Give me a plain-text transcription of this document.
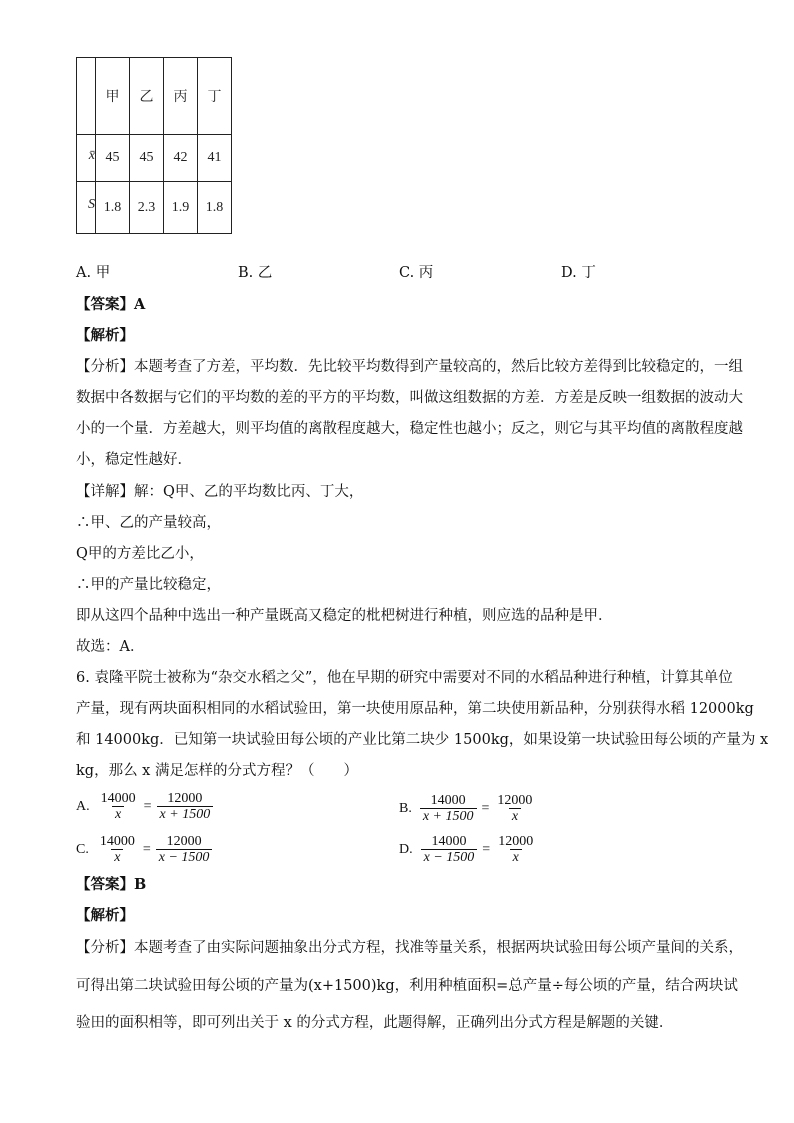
	甲	乙	丙	丁
x̄	45	45	42	41
S	1.8	2.3	1.9	1.8
A. 甲	B. 乙	C. 丙	D. 丁
【答案】A
【解析】
【分析】本题考查了方差，平均数．先比较平均数得到产量较高的，然后比较方差得到比较稳定的，一组
数据中各数据与它们的平均数的差的平方的平均数，叫做这组数据的方差．方差是反映一组数据的波动大
小的一个量．方差越大，则平均值的离散程度越大，稳定性也越小；反之，则它与其平均值的离散程度越
小，稳定性越好．
【详解】解：Q甲、乙的平均数比丙、丁大，
∴甲、乙的产量较高，
Q甲的方差比乙小，
∴甲的产量比较稳定，
即从这四个品种中选出一种产量既高又稳定的枇杷树进行种植，则应选的品种是甲．
故选：A．
6. 袁隆平院士被称为“杂交水稻之父”，他在早期的研究中需要对不同的水稻品种进行种植，计算其单位
产量，现有两块面积相同的水稻试验田，第一块使用原品种，第二块使用新品种，分别获得水稻 12000kg
和 14000kg．已知第一块试验田每公顷的产业比第二块少 1500kg，如果设第一块试验田每公顷的产量为 x
kg，那么 x 满足怎样的分式方程？（　　）
A. $\frac{14000}{x} = \frac{12000}{x + 1500}$	B. $\frac{14000}{x + 1500} = \frac{12000}{x}$
C. $\frac{14000}{x} = \frac{12000}{x - 1500}$	D. $\frac{14000}{x - 1500} = \frac{12000}{x}$
【答案】B
【解析】
【分析】本题考查了由实际问题抽象出分式方程，找准等量关系，根据两块试验田每公顷产量间的关系，
可得出第二块试验田每公顷的产量为(x+1500)kg，利用种植面积=总产量÷每公顷的产量，结合两块试
验田的面积相等，即可列出关于 x 的分式方程，此题得解，正确列出分式方程是解题的关键．
